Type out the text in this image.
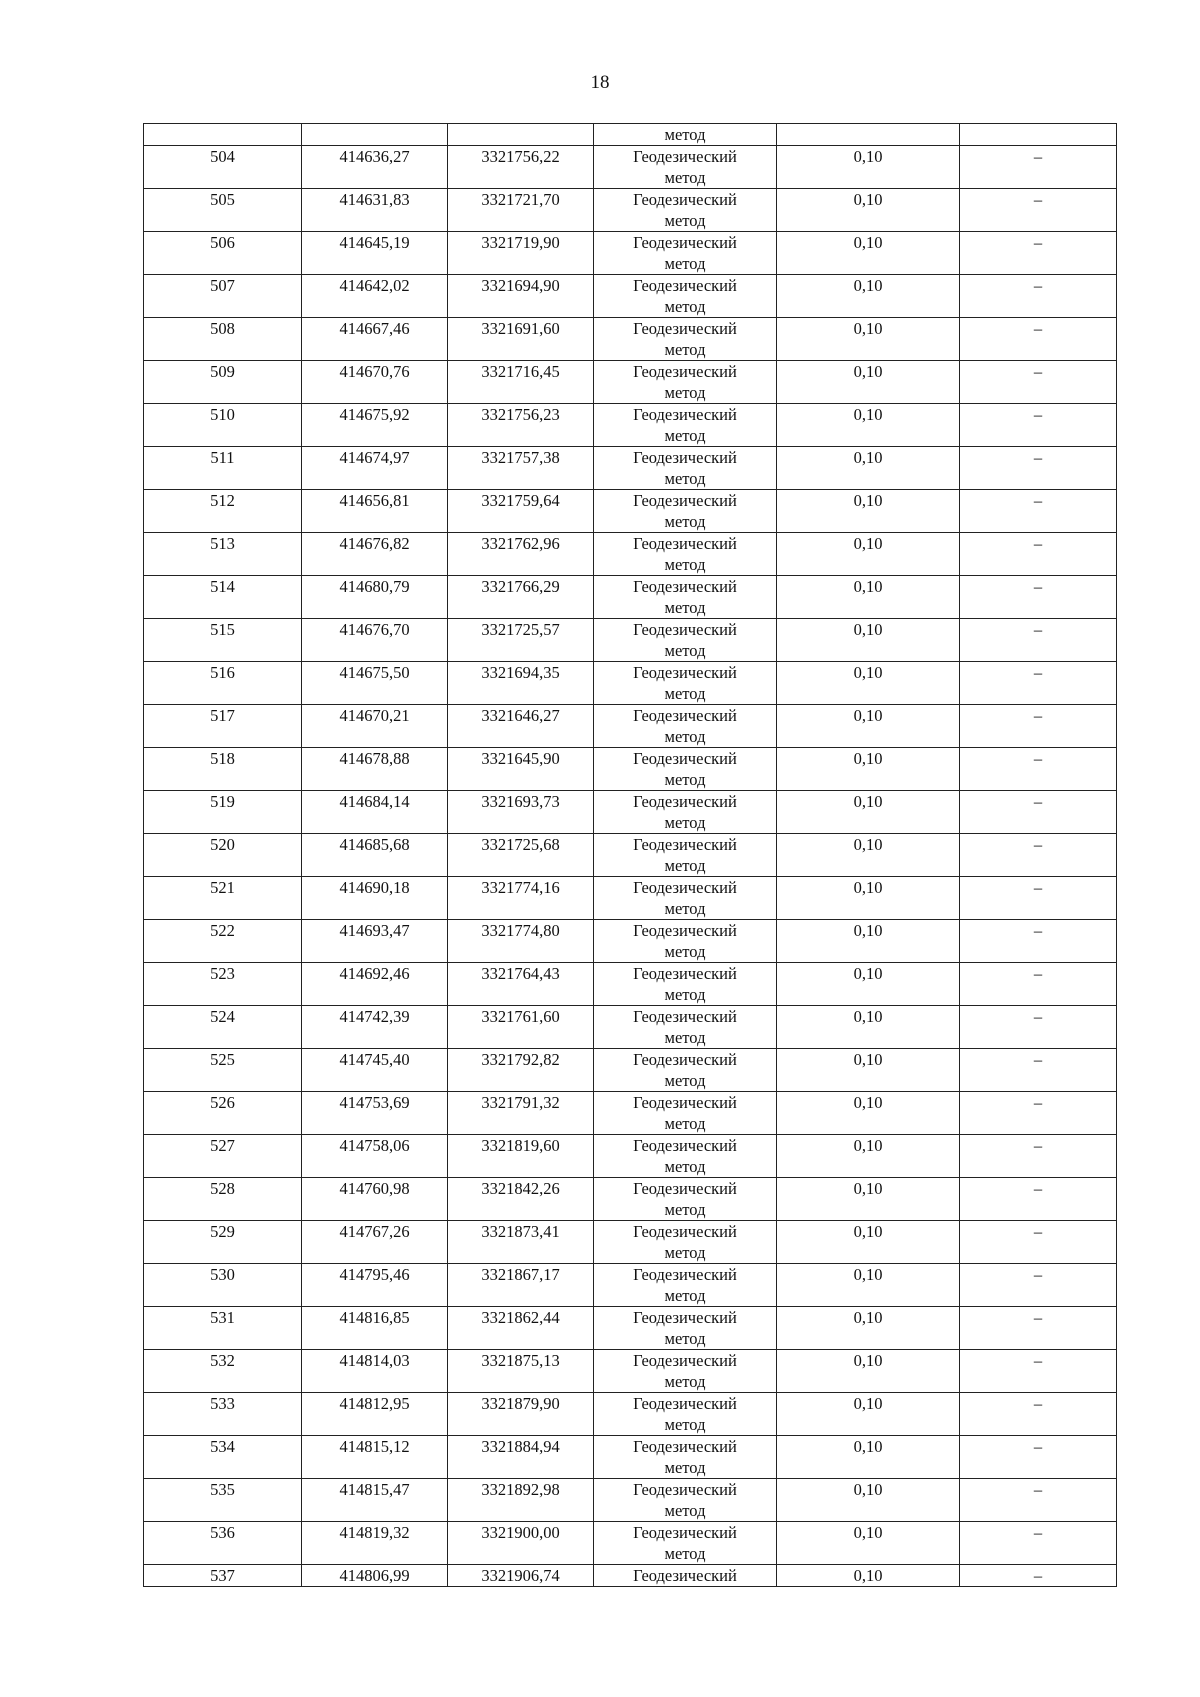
18
			метод		
504	414636,27	3321756,22	Геодезический
метод	0,10	–
505	414631,83	3321721,70	Геодезический
метод	0,10	–
506	414645,19	3321719,90	Геодезический
метод	0,10	–
507	414642,02	3321694,90	Геодезический
метод	0,10	–
508	414667,46	3321691,60	Геодезический
метод	0,10	–
509	414670,76	3321716,45	Геодезический
метод	0,10	–
510	414675,92	3321756,23	Геодезический
метод	0,10	–
511	414674,97	3321757,38	Геодезический
метод	0,10	–
512	414656,81	3321759,64	Геодезический
метод	0,10	–
513	414676,82	3321762,96	Геодезический
метод	0,10	–
514	414680,79	3321766,29	Геодезический
метод	0,10	–
515	414676,70	3321725,57	Геодезический
метод	0,10	–
516	414675,50	3321694,35	Геодезический
метод	0,10	–
517	414670,21	3321646,27	Геодезический
метод	0,10	–
518	414678,88	3321645,90	Геодезический
метод	0,10	–
519	414684,14	3321693,73	Геодезический
метод	0,10	–
520	414685,68	3321725,68	Геодезический
метод	0,10	–
521	414690,18	3321774,16	Геодезический
метод	0,10	–
522	414693,47	3321774,80	Геодезический
метод	0,10	–
523	414692,46	3321764,43	Геодезический
метод	0,10	–
524	414742,39	3321761,60	Геодезический
метод	0,10	–
525	414745,40	3321792,82	Геодезический
метод	0,10	–
526	414753,69	3321791,32	Геодезический
метод	0,10	–
527	414758,06	3321819,60	Геодезический
метод	0,10	–
528	414760,98	3321842,26	Геодезический
метод	0,10	–
529	414767,26	3321873,41	Геодезический
метод	0,10	–
530	414795,46	3321867,17	Геодезический
метод	0,10	–
531	414816,85	3321862,44	Геодезический
метод	0,10	–
532	414814,03	3321875,13	Геодезический
метод	0,10	–
533	414812,95	3321879,90	Геодезический
метод	0,10	–
534	414815,12	3321884,94	Геодезический
метод	0,10	–
535	414815,47	3321892,98	Геодезический
метод	0,10	–
536	414819,32	3321900,00	Геодезический
метод	0,10	–
537	414806,99	3321906,74	Геодезический	0,10	–
